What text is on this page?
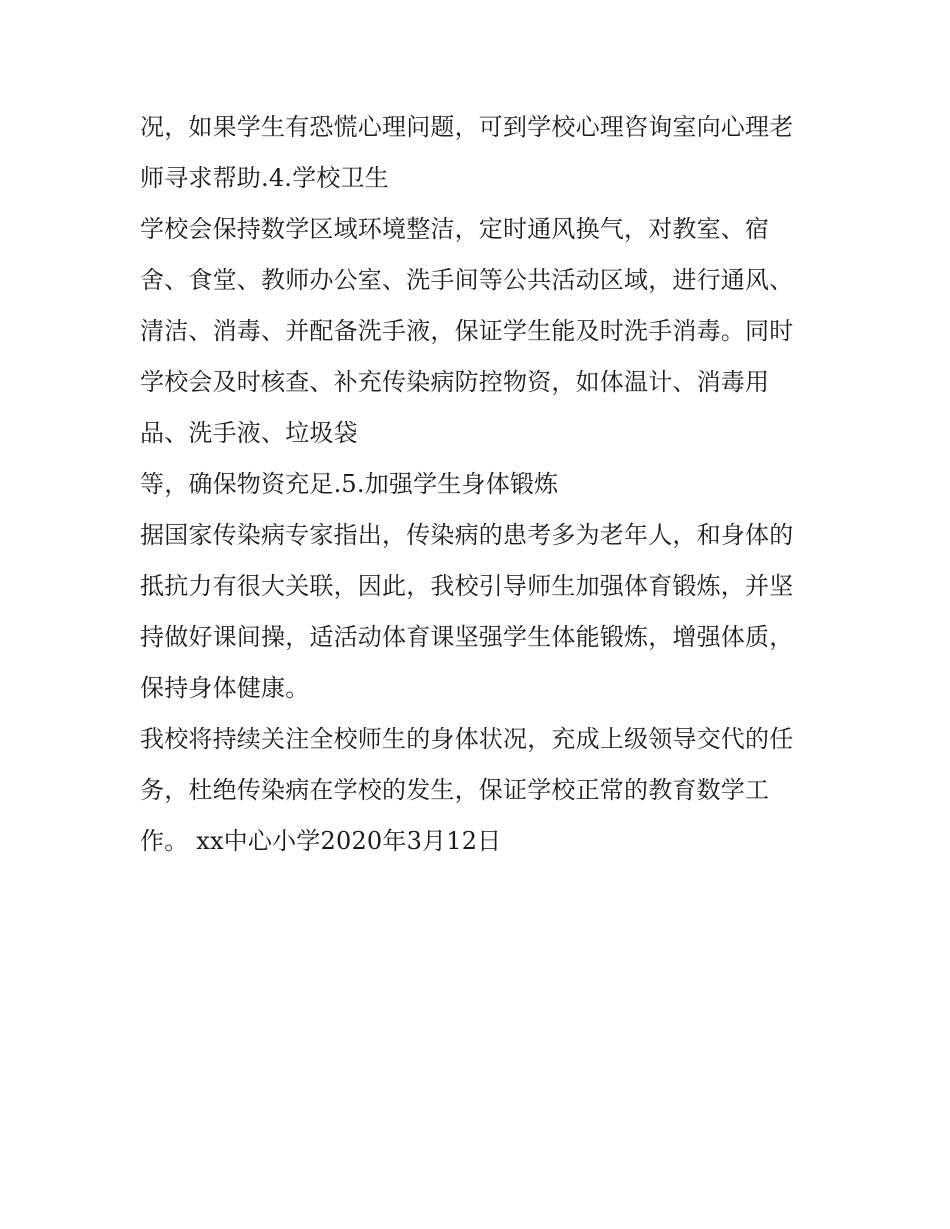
况，如果学生有恐慌心理问题，可到学校心理咨询室向心理老
师寻求帮助.4.学校卫生
学校会保持数学区域环境整洁，定时通风换气，对教室、宿
舍、食堂、教师办公室、洗手间等公共活动区域，进行通风、
清洁、消毒、并配备洗手液，保证学生能及时洗手消毒。同时
学校会及时核查、补充传染病防控物资，如体温计、消毒用
品、洗手液、垃圾袋
等，确保物资充足.5.加强学生身体锻炼
据国家传染病专家指出，传染病的患考多为老年人，和身体的
抵抗力有很大关联，因此，我校引导师生加强体育锻炼，并坚
持做好课间操，适活动体育课坚强学生体能锻炼，增强体质，
保持身体健康。
我校将持续关注全校师生的身体状况，充成上级领导交代的任
务，杜绝传染病在学校的发生，保证学校正常的教育数学工
作。 xx中心小学2020年3月12日
